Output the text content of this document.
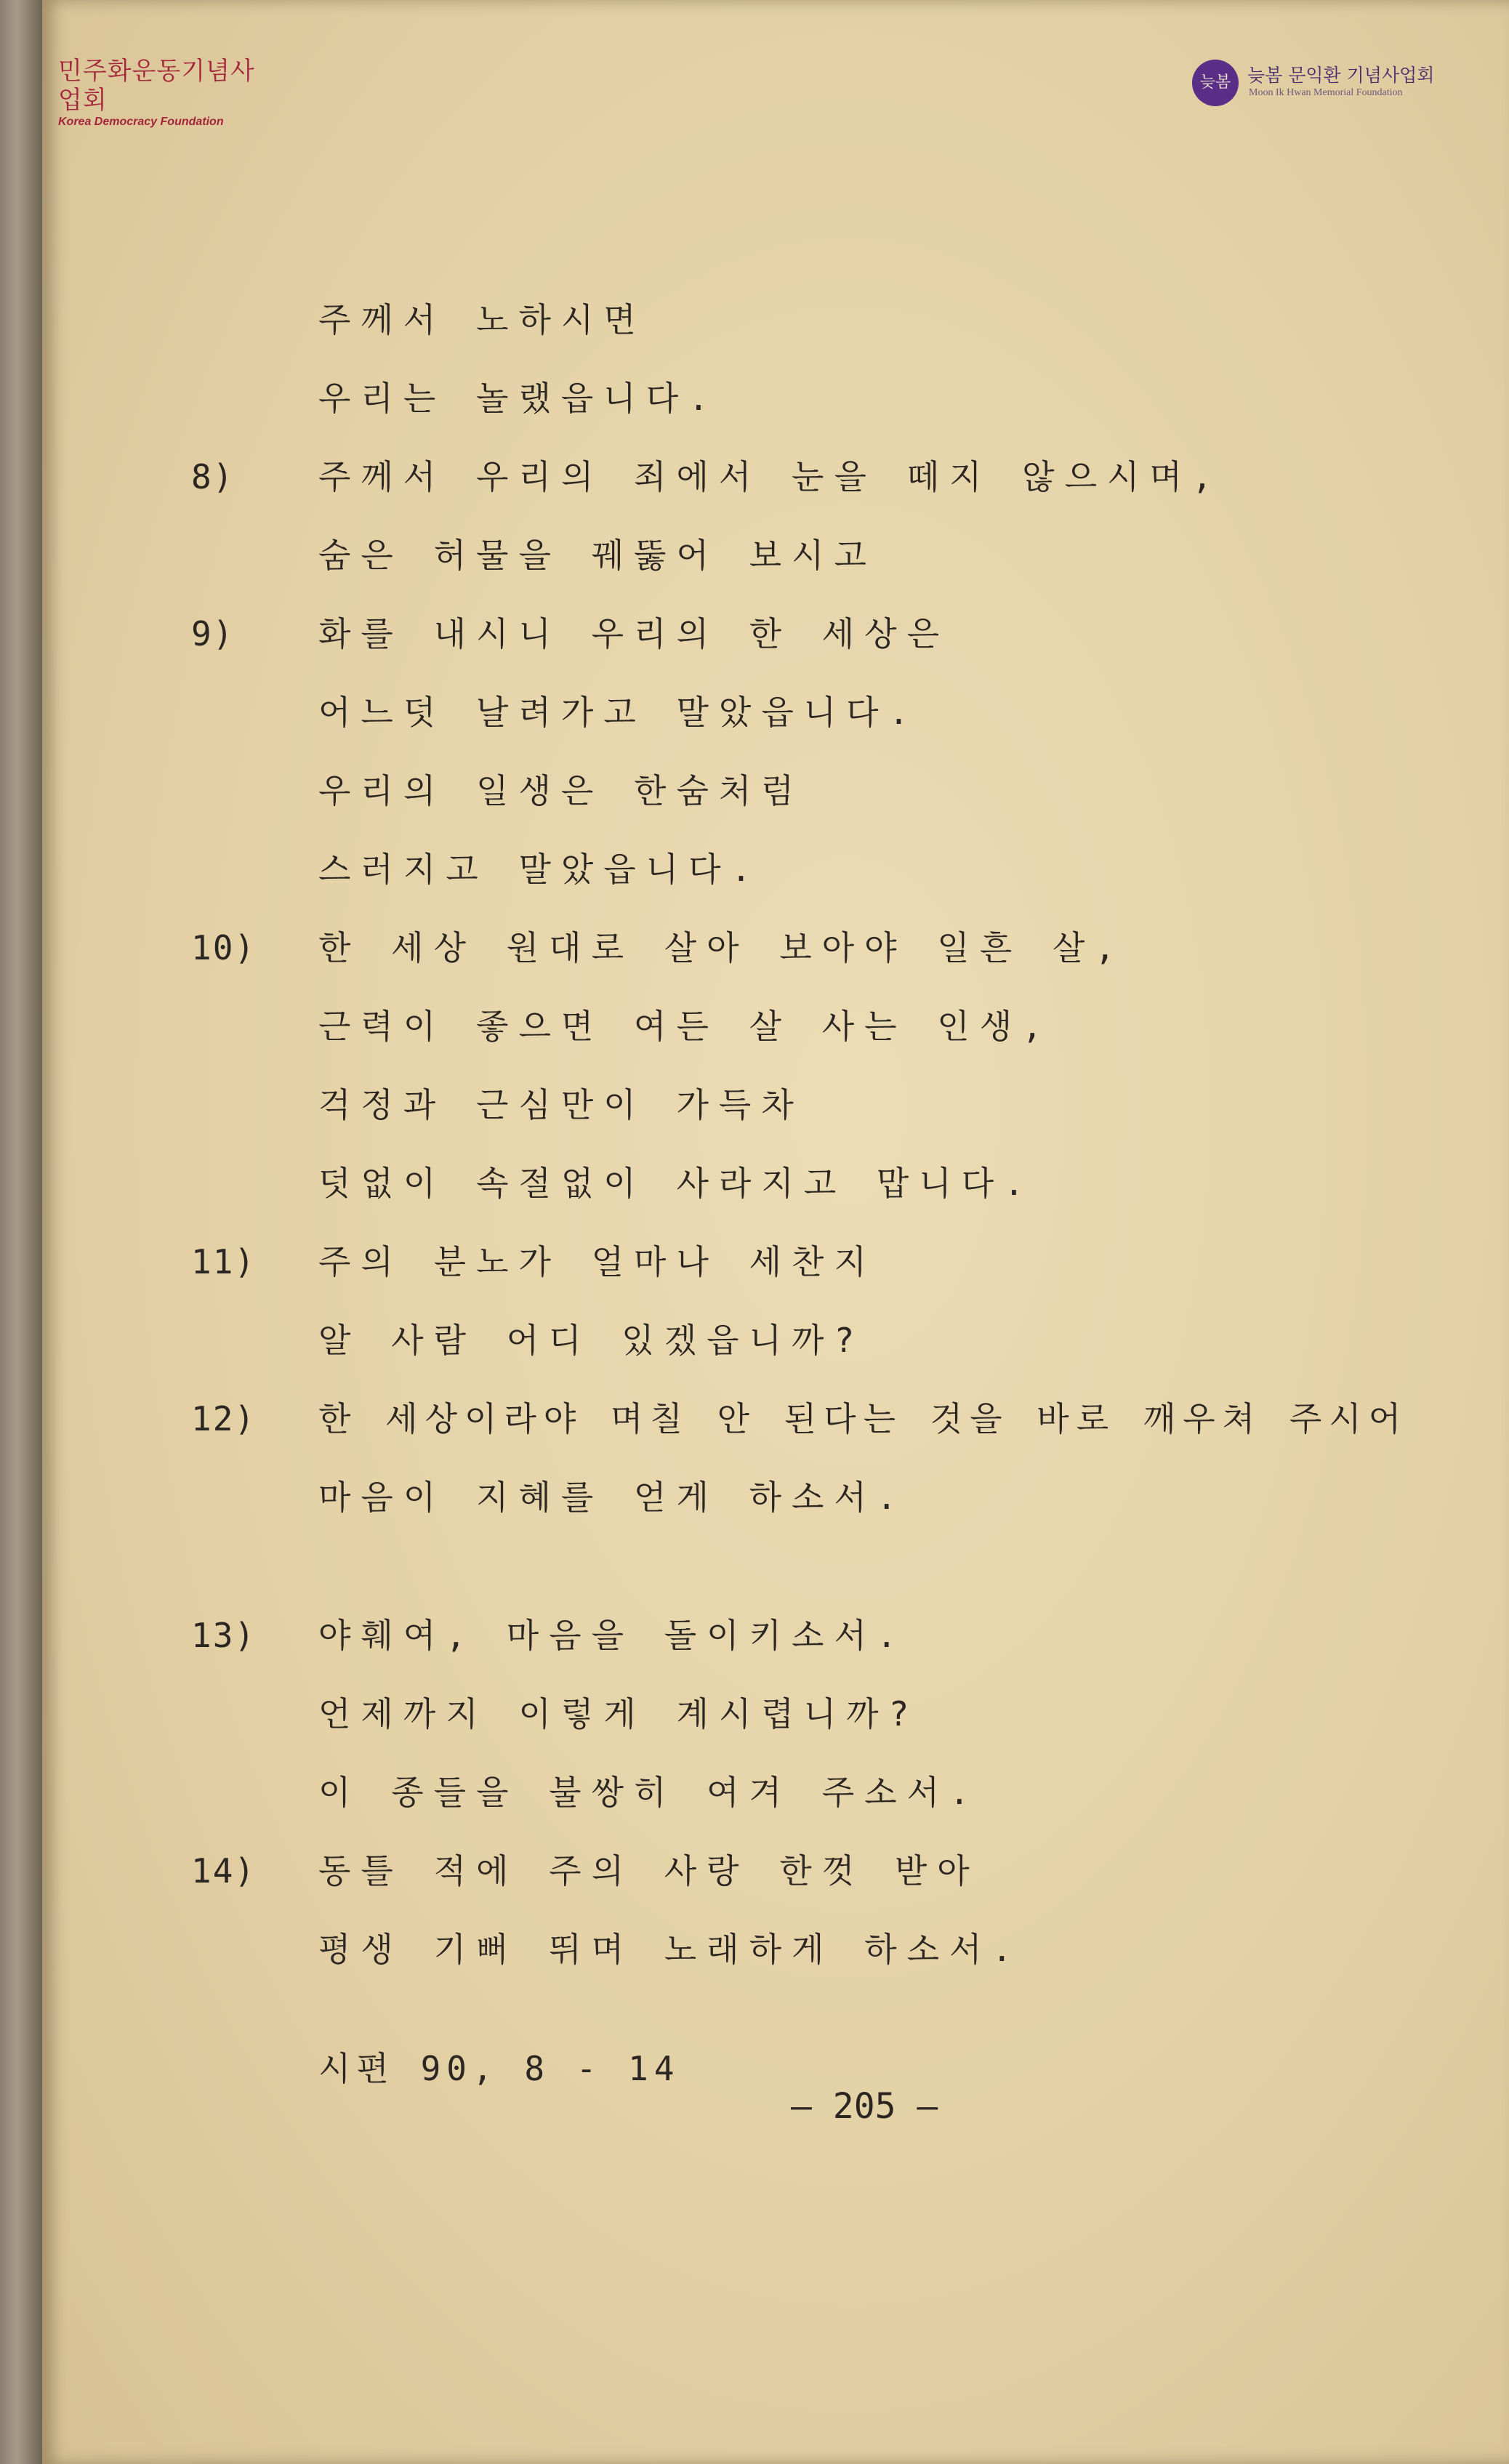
민주화운동기념사업회
Korea Democracy Foundation
늦봄 늦봄 문익환 기념사업회
Moon Ik Hwan Memorial Foundation
주께서 노하시면
우리는 놀랬읍니다.
8)	주께서 우리의 죄에서 눈을 떼지 않으시며,
숨은 허물을 꿰뚫어 보시고
9)	화를 내시니 우리의 한 세상은
어느덧 날려가고 말았읍니다.
우리의 일생은 한숨처럼
스러지고 말았읍니다.
10) 한 세상 원대로 살아 보아야 일흔 살,
근력이 좋으면 여든 살 사는 인생,
걱정과 근심만이 가득차
덧없이 속절없이 사라지고 맙니다.
11) 주의 분노가 얼마나 세찬지
알 사람 어디 있겠읍니까?
12) 한 세상이라야 며칠 안 된다는 것을 바로 깨우쳐 주시어
마음이 지혜를 얻게 하소서.
13) 야훼여, 마음을 돌이키소서.
언제까지 이렇게 계시렵니까?
이 종들을 불쌍히 여겨 주소서.
14) 동틀 적에 주의 사랑 한껏 받아
평생 기뻐 뛰며 노래하게 하소서.
시편 90, 8 - 14
— 205 —
